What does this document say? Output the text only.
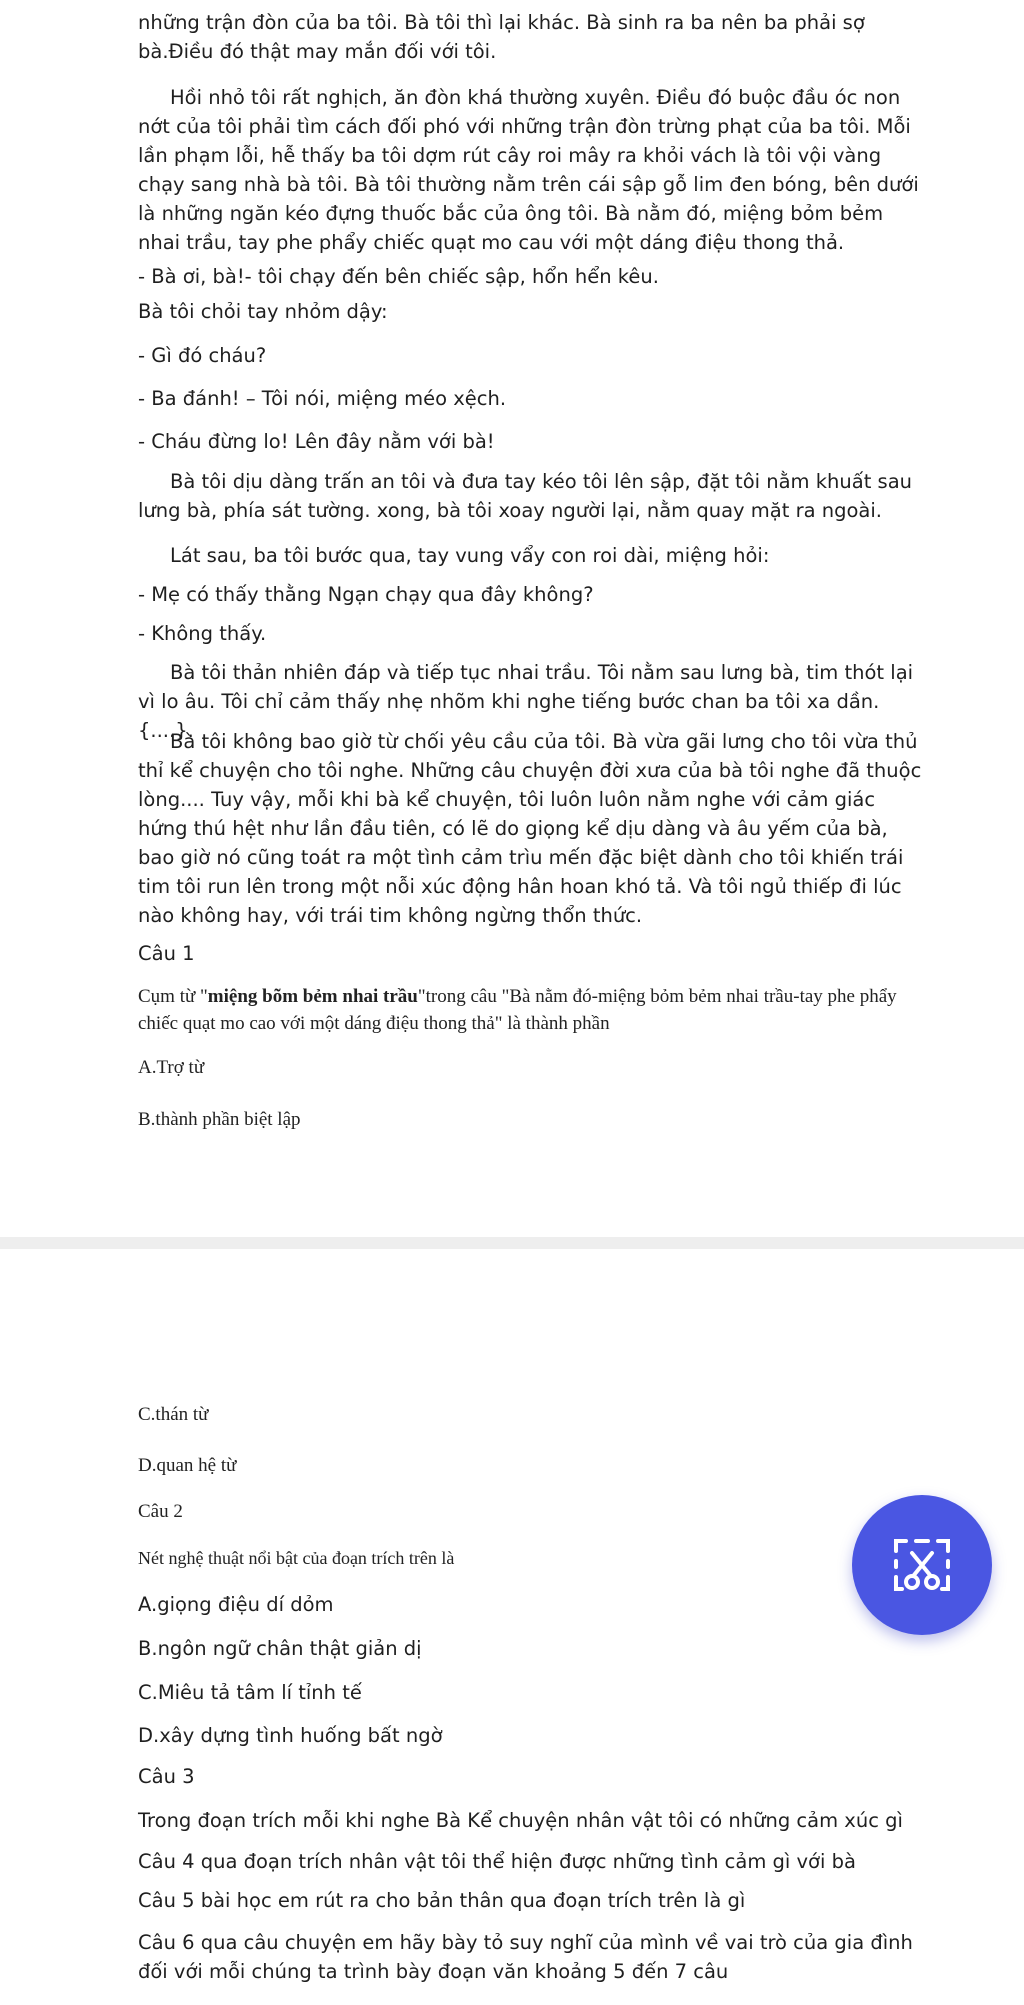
những trận đòn của ba tôi. Bà tôi thì lại khác. Bà sinh ra ba nên ba phải sợ bà.Điều đó thật may mắn đối với tôi.

Hồi nhỏ tôi rất nghịch, ăn đòn khá thường xuyên. Điều đó buộc đầu óc non nớt của tôi phải tìm cách đối phó với những trận đòn trừng phạt của ba tôi. Mỗi lần phạm lỗi, hễ thấy ba tôi dợm rút cây roi mây ra khỏi vách là tôi vội vàng chạy sang nhà bà tôi. Bà tôi thường nằm trên cái sập gỗ lim đen bóng, bên dưới là những ngăn kéo đựng thuốc bắc của ông tôi. Bà nằm đó, miệng bỏm bẻm nhai trầu, tay phe phẩy chiếc quạt mo cau với một dáng điệu thong thả.

- Bà ơi, bà!- tôi chạy đến bên chiếc sập, hổn hển kêu.

Bà tôi chỏi tay nhỏm dậy:

- Gì đó cháu?

- Ba đánh! – Tôi nói, miệng méo xệch.

- Cháu đừng lo! Lên đây nằm với bà!

Bà tôi dịu dàng trấn an tôi và đưa tay kéo tôi lên sập, đặt tôi nằm khuất sau lưng bà, phía sát tường. xong, bà tôi xoay người lại, nằm quay mặt ra ngoài.

Lát sau, ba tôi bước qua, tay vung vẩy con roi dài, miệng hỏi:

- Mẹ có thấy thằng Ngạn chạy qua đây không?

- Không thấy.

Bà tôi thản nhiên đáp và tiếp tục nhai trầu. Tôi nằm sau lưng bà, tim thót lại vì lo âu. Tôi chỉ cảm thấy nhẹ nhõm khi nghe tiếng bước chan ba tôi xa dần. {....}.

Bà tôi không bao giờ từ chối yêu cầu của tôi. Bà vừa gãi lưng cho tôi vừa thủ thỉ kể chuyện cho tôi nghe. Những câu chuyện đời xưa của bà tôi nghe đã thuộc lòng.... Tuy vậy, mỗi khi bà kể chuyện, tôi luôn luôn nằm nghe với cảm giác hứng thú hệt như lần đầu tiên, có lẽ do giọng kể dịu dàng và âu yếm của bà, bao giờ nó cũng toát ra một tình cảm trìu mến đặc biệt dành cho tôi khiến trái tim tôi run lên trong một nỗi xúc động hân hoan khó tả. Và tôi ngủ thiếp đi lúc nào không hay, với trái tim không ngừng thổn thức.

Câu 1

Cụm từ "miệng bõm bẻm nhai trầu"trong câu "Bà nằm đó-miệng bỏm bẻm nhai trầu-tay phe phẩy chiếc quạt mo cao với một dáng điệu thong thả" là thành phần

A.Trợ từ

B.thành phần biệt lập

C.thán từ

D.quan hệ từ

Câu 2

Nét nghệ thuật nổi bật của đoạn trích trên là

A.giọng điệu dí dỏm

B.ngôn ngữ chân thật giản dị

C.Miêu tả tâm lí tỉnh tế

D.xây dựng tình huống bất ngờ

Câu 3

Trong đoạn trích mỗi khi nghe Bà Kể chuyện nhân vật tôi có những cảm xúc gì

Câu 4 qua đoạn trích nhân vật tôi thể hiện được những tình cảm gì với bà

Câu 5 bài học em rút ra cho bản thân qua đoạn trích trên là gì

Câu 6 qua câu chuyện em hãy bày tỏ suy nghĩ của mình về vai trò của gia đình đối với mỗi chúng ta trình bày đoạn văn khoảng 5 đến 7 câu
